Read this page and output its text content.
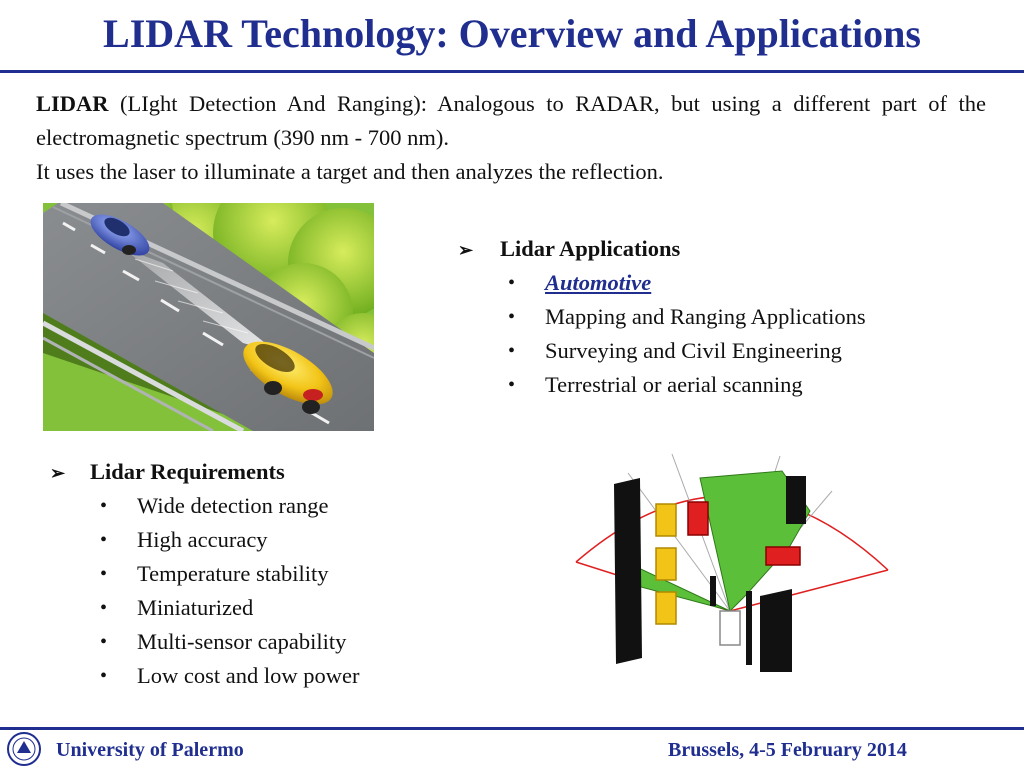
LIDAR Technology: Overview and Applications

LIDAR (LIght Detection And Ranging): Analogous to RADAR, but using a different part of the electromagnetic spectrum (390 nm - 700 nm).

It uses the laser to illuminate a target and then analyzes the reflection.

➢ Lidar Applications
• Automotive
• Mapping and Ranging Applications
• Surveying and Civil Engineering
• Terrestrial or aerial scanning
➢ Lidar Requirements
• Wide detection range
• High accuracy
• Temperature stability
• Miniaturized
• Multi-sensor capability
• Low cost and low power
University of Palermo	Brussels, 4-5 February 2014
